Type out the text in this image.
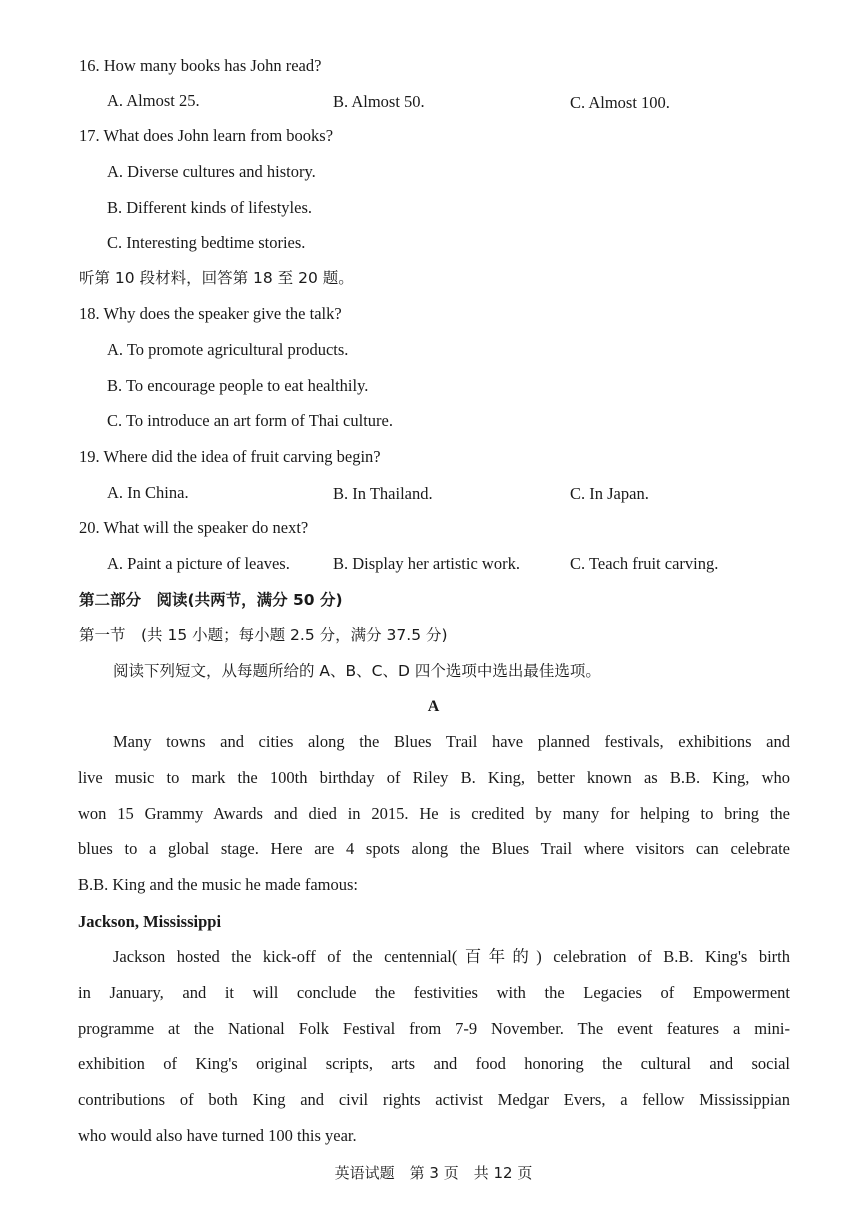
16. How many books has John read?
A. Almost 25.	B. Almost 50.	C. Almost 100.
17. What does John learn from books?
A. Diverse cultures and history.
B. Different kinds of lifestyles.
C. Interesting bedtime stories.
听第 10 段材料，回答第 18 至 20 题。
18. Why does the speaker give the talk?
A. To promote agricultural products.
B. To encourage people to eat healthily.
C. To introduce an art form of Thai culture.
19. Where did the idea of fruit carving begin?
A. In China.	B. In Thailand.	C. In Japan.
20. What will the speaker do next?
A. Paint a picture of leaves.	B. Display her artistic work.	C. Teach fruit carving.
第二部分　阅读(共两节，满分 50 分)
第一节　(共 15 小题；每小题 2.5 分，满分 37.5 分)
阅读下列短文，从每题所给的 A、B、C、D 四个选项中选出最佳选项。
A
Many towns and cities along the Blues Trail have planned festivals, exhibitions and
live music to mark the 100th birthday of Riley B. King, better known as B.B. King, who
won 15 Grammy Awards and died in 2015. He is credited by many for helping to bring the
blues to a global stage. Here are 4 spots along the Blues Trail where visitors can celebrate
B.B. King and the music he made famous:
Jackson, Mississippi
Jackson hosted the kick-off of the centennial(百年的) celebration of B.B. King's birth
in January, and it will conclude the festivities with the Legacies of Empowerment
programme at the National Folk Festival from 7-9 November. The event features a mini-
exhibition of King's original scripts, arts and food honoring the cultural and social
contributions of both King and civil rights activist Medgar Evers, a fellow Mississippian
who would also have turned 100 this year.
英语试题　第 3 页　共 12 页
